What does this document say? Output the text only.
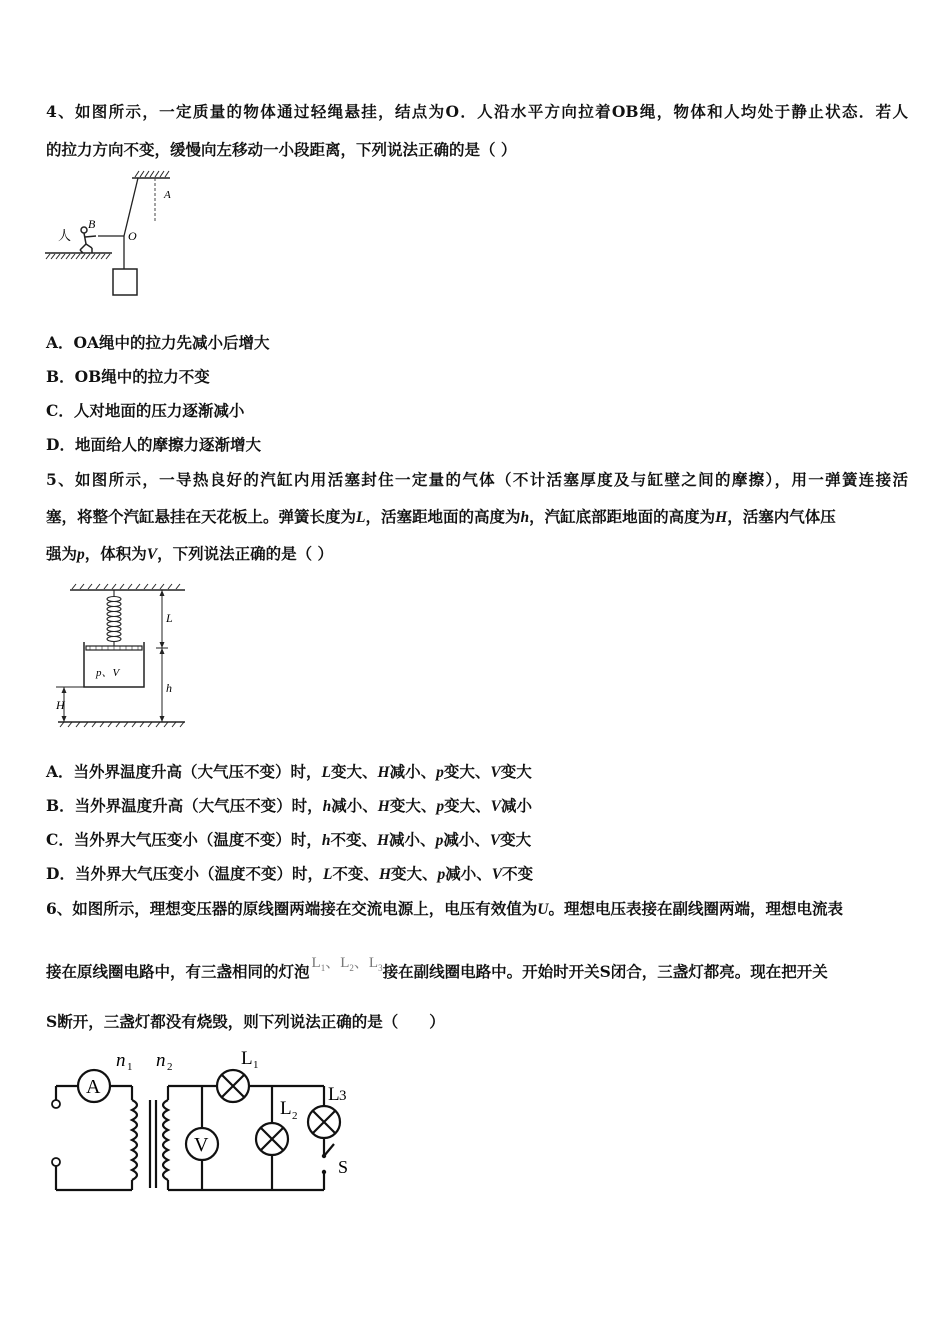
4、如图所示，一定质量的物体通过轻绳悬挂，结点为O．人沿水平方向拉着OB绳，物体和人均处于静止状态．若人
的拉力方向不变，缓慢向左移动一小段距离，下列说法正确的是（ ）
人
B
O
A
A．OA绳中的拉力先减小后增大
B．OB绳中的拉力不变
C．人对地面的压力逐渐减小
D．地面给人的摩擦力逐渐增大
5、如图所示，一导热良好的汽缸内用活塞封住一定量的气体（不计活塞厚度及与缸壁之间的摩擦），用一弹簧连接活
塞，将整个汽缸悬挂在天花板上。弹簧长度为L，活塞距地面的高度为h，汽缸底部距地面的高度为H，活塞内气体压
强为p，体积为V，下列说法正确的是（ ）
p、V
L
h
H
A．当外界温度升高（大气压不变）时，L变大、H减小、p变大、V变大
B．当外界温度升高（大气压不变）时，h减小、H变大、p变大、V减小
C．当外界大气压变小（温度不变）时，h不变、H减小、p减小、V变大
D．当外界大气压变小（温度不变）时，L不变、H变大、p减小、V不变
6、如图所示，理想变压器的原线圈两端接在交流电源上，电压有效值为U。理想电压表接在副线圈两端，理想电流表
接在原线圈电路中，有三盏相同的灯泡 $L_1$、$L_2$、$L_3$接在副线圈电路中。开始时开关S闭合，三盏灯都亮。现在把开关
S断开，三盏灯都没有烧毁，则下列说法正确的是（　　）
A
V
n 1 n 2	L 1
L 2
L 3
S
